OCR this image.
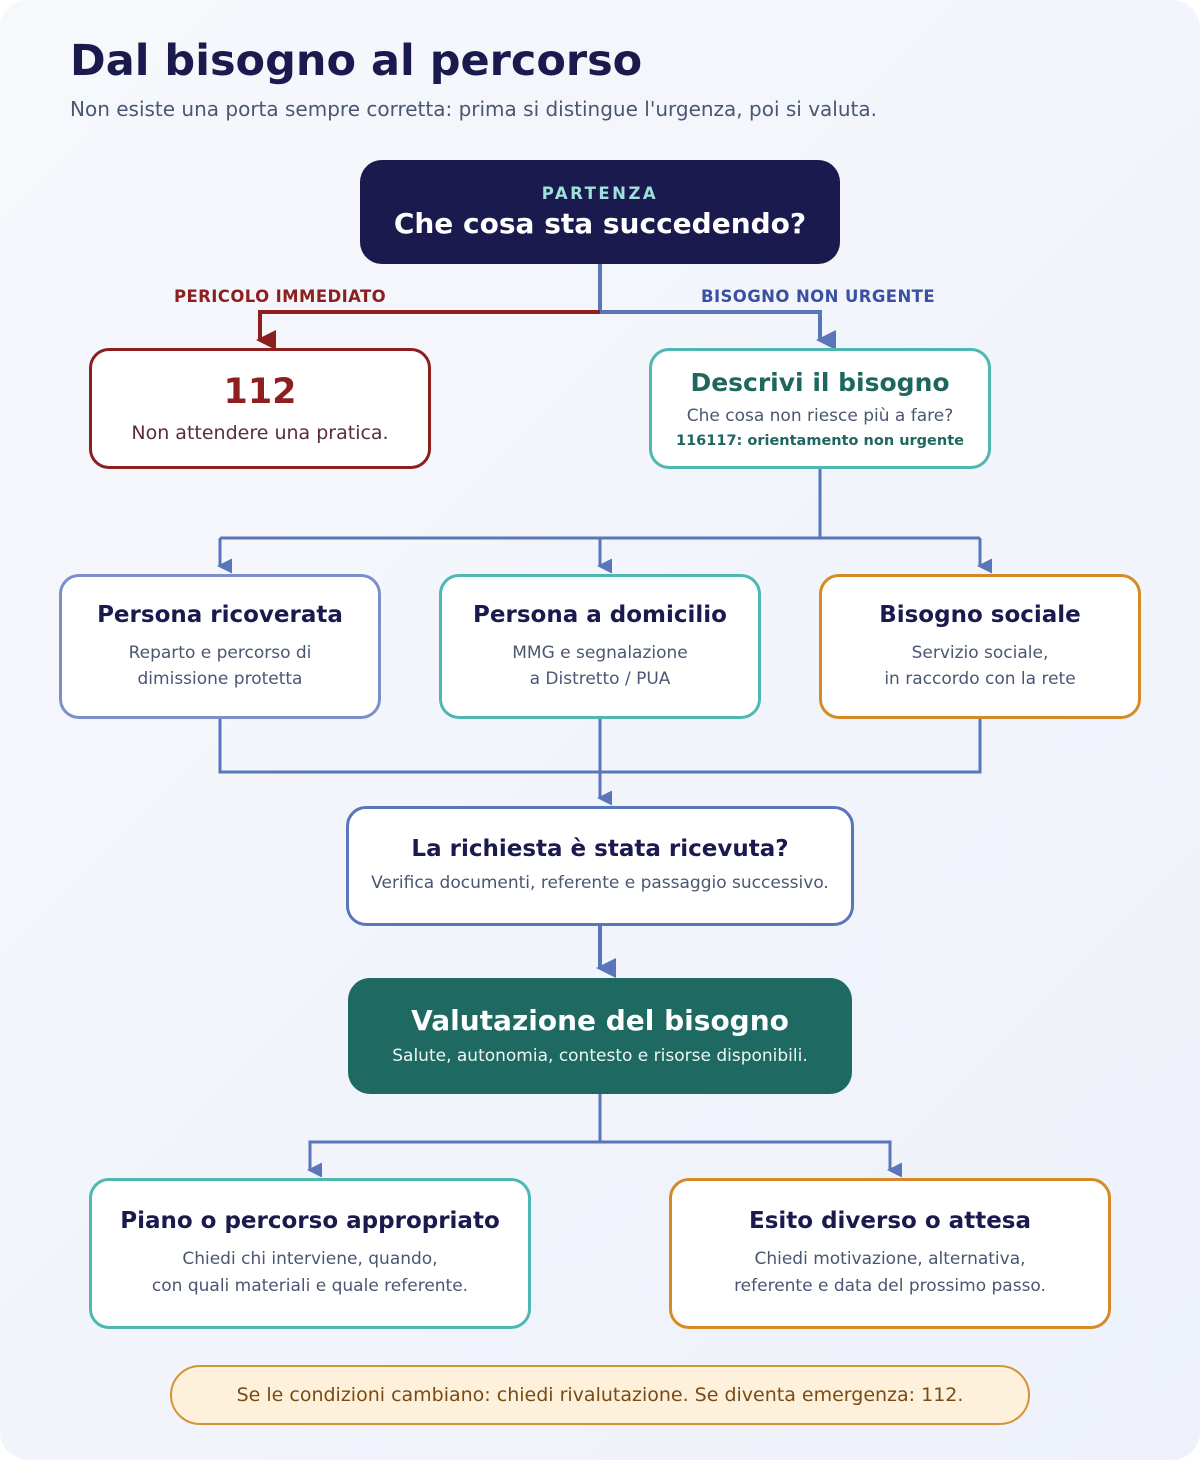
Dal bisogno al percorso

Non esiste una porta sempre corretta: prima si distingue l'urgenza, poi si valuta.

PERICOLO IMMEDIATO	BISOGNO NON URGENTE
PARTENZA
Che cosa sta succedendo?
112
Non attendere una pratica.
Descrivi il bisogno
Che cosa non riesce più a fare?
116117: orientamento non urgente
Persona ricoverata
Reparto e percorso di
dimissione protetta
Persona a domicilio
MMG e segnalazione
a Distretto / PUA
Bisogno sociale
Servizio sociale,
in raccordo con la rete
La richiesta è stata ricevuta?
Verifica documenti, referente e passaggio successivo.
Valutazione del bisogno
Salute, autonomia, contesto e risorse disponibili.
Piano o percorso appropriato
Chiedi chi interviene, quando,
con quali materiali e quale referente.
Esito diverso o attesa
Chiedi motivazione, alternativa,
referente e data del prossimo passo.
Se le condizioni cambiano: chiedi rivalutazione. Se diventa emergenza: 112.
